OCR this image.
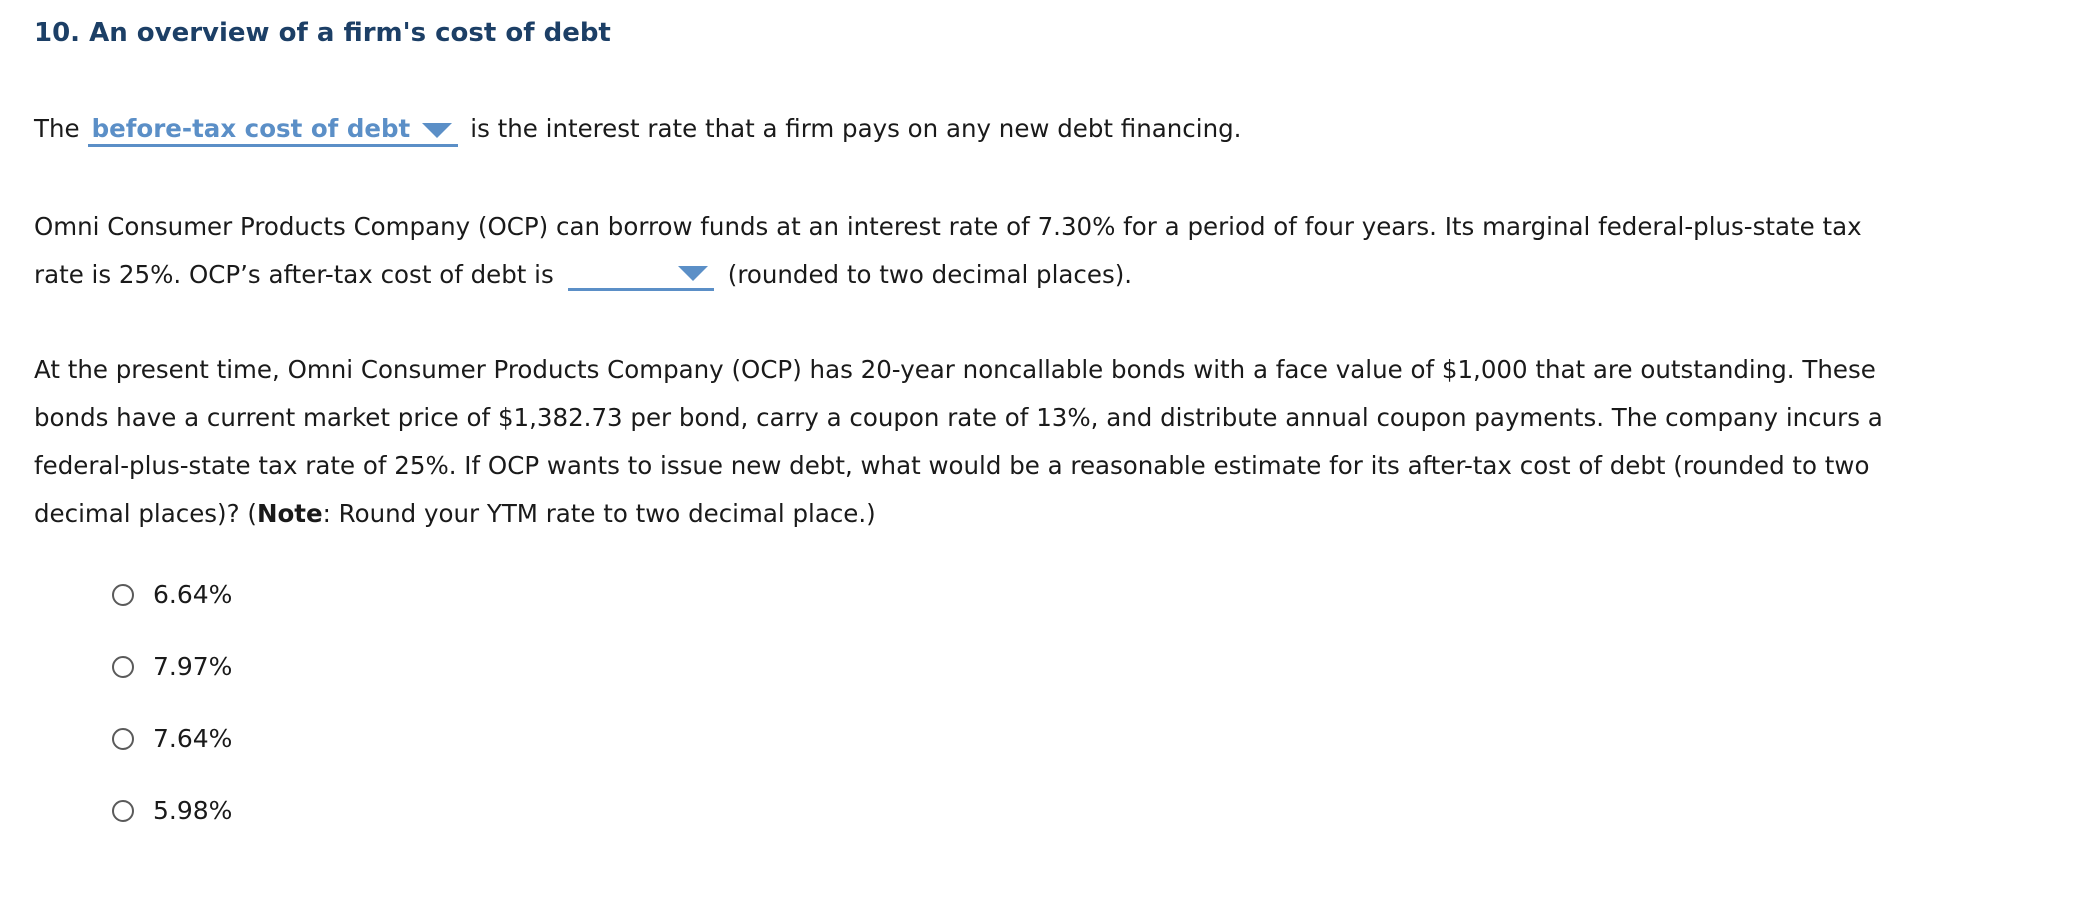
10. An overview of a firm's cost of debt

The before-tax cost of debt is the interest rate that a firm pays on any new debt financing.

Omni Consumer Products Company (OCP) can borrow funds at an interest rate of 7.30% for a period of four years. Its marginal federal-plus-state tax rate is 25%. OCP’s after-tax cost of debt is	(rounded to two decimal places).

At the present time, Omni Consumer Products Company (OCP) has 20-year noncallable bonds with a face value of $1,000 that are outstanding. These bonds have a current market price of $1,382.73 per bond, carry a coupon rate of 13%, and distribute annual coupon payments. The company incurs a federal-plus-state tax rate of 25%. If OCP wants to issue new debt, what would be a reasonable estimate for its after-tax cost of debt (rounded to two decimal places)? (Note: Round your YTM rate to two decimal place.)

6.64%
7.97%
7.64%
5.98%
